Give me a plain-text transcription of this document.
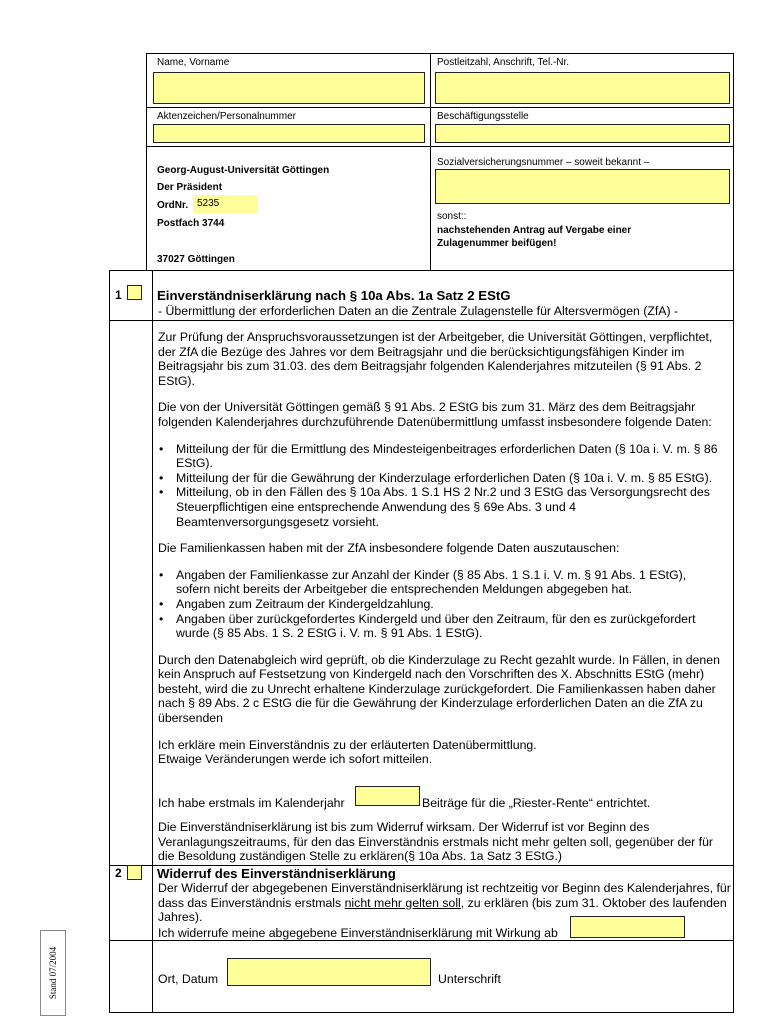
Name, Vorname	Postleitzahl, Anschrift, Tel.-Nr.
Aktenzeichen/Personalnummer	Beschäftigungsstelle
Georg-August-Universität Göttingen
Der Präsident
OrdNr. 5235
Postfach 3744
37027 Göttingen
Sozialversicherungsnummer – soweit bekannt –
sonst::
nachstehenden Antrag auf Vergabe einer
Zulagenummer beifügen!
1	Einverständniserklärung nach § 10a Abs. 1a Satz 2 EStG
- Übermittlung der erforderlichen Daten an die Zentrale Zulagenstelle für Altersvermögen (ZfA) -

Zur Prüfung der Anspruchsvoraussetzungen ist der Arbeitgeber, die Universität Göttingen, verpflichtet, der ZfA die Bezüge des Jahres vor dem Beitragsjahr und die berücksichtigungsfähigen Kinder im Beitragsjahr bis zum 31.03. des dem Beitragsjahr folgenden Kalenderjahres mitzuteilen (§ 91 Abs. 2 EStG).

Die von der Universität Göttingen gemäß § 91 Abs. 2 EStG bis zum 31. März des dem Beitragsjahr folgenden Kalenderjahres durchzuführende Datenübermittlung umfasst insbesondere folgende Daten:

• Mitteilung der für die Ermittlung des Mindesteigenbeitrages erforderlichen Daten (§ 10a i. V. m. § 86 EStG).
• Mitteilung der für die Gewährung der Kinderzulage erforderlichen Daten (§ 10a i. V. m. § 85 EStG).
• Mitteilung, ob in den Fällen des § 10a Abs. 1 S.1 HS 2 Nr.2 und 3 EStG das Versorgungsrecht des Steuerpflichtigen eine entsprechende Anwendung des § 69e Abs. 3 und 4 Beamtenversorgungsgesetz vorsieht.

Die Familienkassen haben mit der ZfA insbesondere folgende Daten auszutauschen:

• Angaben der Familienkasse zur Anzahl der Kinder (§ 85 Abs. 1 S.1 i. V. m. § 91 Abs. 1 EStG), sofern nicht bereits der Arbeitgeber die entsprechenden Meldungen abgegeben hat.
• Angaben zum Zeitraum der Kindergeldzahlung.
• Angaben über zurückgefordertes Kindergeld und über den Zeitraum, für den es zurückgefordert wurde (§ 85 Abs. 1 S. 2 EStG i. V. m. § 91 Abs. 1 EStG).

Durch den Datenabgleich wird geprüft, ob die Kinderzulage zu Recht gezahlt wurde. In Fällen, in denen kein Anspruch auf Festsetzung von Kindergeld nach den Vorschriften des X. Abschnitts EStG (mehr) besteht, wird die zu Unrecht erhaltene Kinderzulage zurückgefordert. Die Familienkassen haben daher nach § 89 Abs. 2 c EStG die für die Gewährung der Kinderzulage erforderlichen Daten an die ZfA zu übersenden

Ich erkläre mein Einverständnis zu der erläuterten Datenübermittlung.
Etwaige Veränderungen werde ich sofort mitteilen.

Ich habe erstmals im Kalenderjahr	Beiträge für die „Riester-Rente“ entrichtet.
Die Einverständniserklärung ist bis zum Widerruf wirksam. Der Widerruf ist vor Beginn des Veranlagungszeitraums, für den das Einverständnis erstmals nicht mehr gelten soll, gegenüber der für die Besoldung zuständigen Stelle zu erklären(§ 10a Abs. 1a Satz 3 EStG.)
2	Widerruf des Einverständniserklärung
Der Widerruf der abgegebenen Einverständniserklärung ist rechtzeitig vor Beginn des Kalenderjahres, für dass das Einverständnis erstmals nicht mehr gelten soll, zu erklären (bis zum 31. Oktober des laufenden Jahres).
Ich widerrufe meine abgegebene Einverständniserklärung mit Wirkung ab
Ort, Datum	Unterschrift
Stand 07/2004
